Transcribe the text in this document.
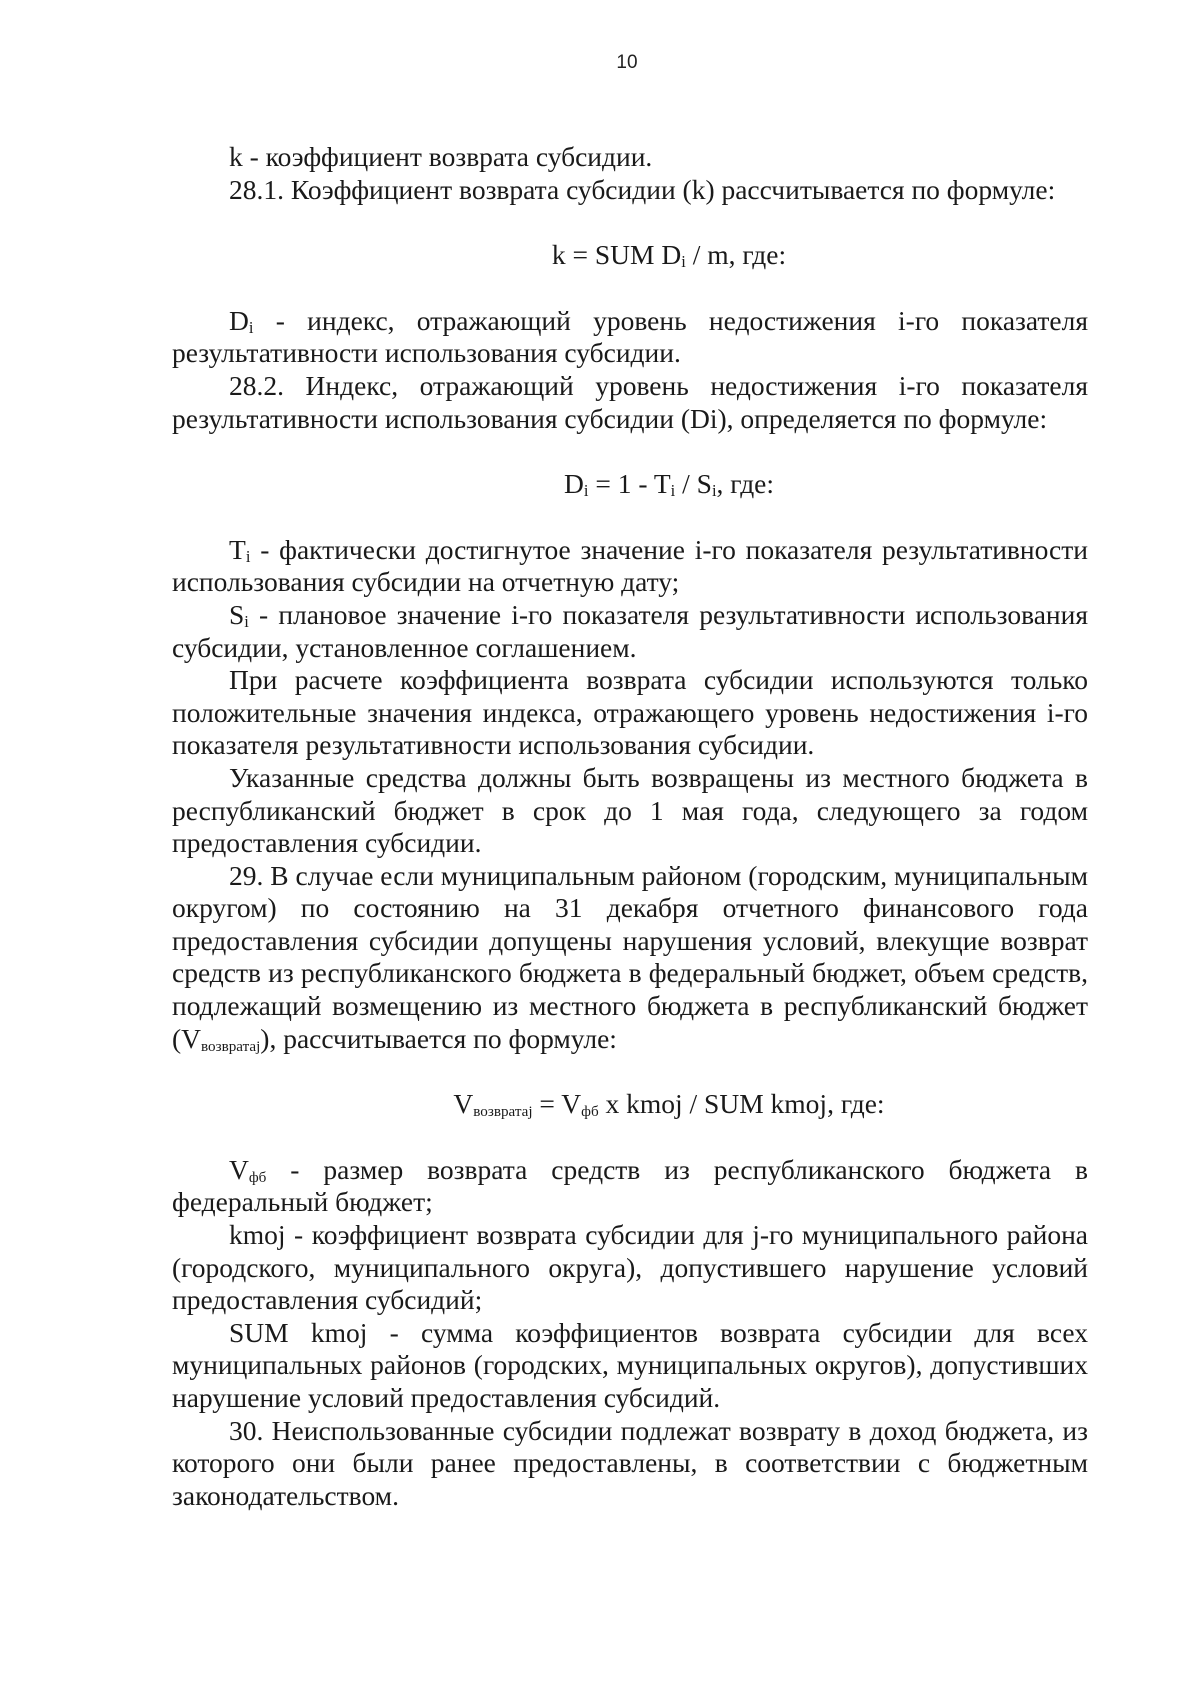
10

k - коэффициент возврата субсидии.

28.1. Коэффициент возврата субсидии (k) рассчитывается по формуле:

k = SUM Di / m, где:

Di - индекс, отражающий уровень недостижения i-го показателя результативности использования субсидии.

28.2. Индекс, отражающий уровень недостижения i-го показателя результативности использования субсидии (Di), определяется по формуле:

Di = 1 - Ti / Si, где:

Ti - фактически достигнутое значение i-го показателя результативности использования субсидии на отчетную дату;

Si - плановое значение i-го показателя результативности использования субсидии, установленное соглашением.

При расчете коэффициента возврата субсидии используются только положительные значения индекса, отражающего уровень недостижения i-го показателя результативности использования субсидии.

Указанные средства должны быть возвращены из местного бюджета в республиканский бюджет в срок до 1 мая года, следующего за годом предоставления субсидии.

29. В случае если муниципальным районом (городским, муниципальным округом) по состоянию на 31 декабря отчетного финансового года предоставления субсидии допущены нарушения условий, влекущие возврат средств из республиканского бюджета в федеральный бюджет, объем средств, подлежащий возмещению из местного бюджета в республиканский бюджет (Vвозвратаj), рассчитывается по формуле:

Vвозвратаj = Vфб x kmoj / SUM kmoj, где:

Vфб - размер возврата средств из республиканского бюджета в федеральный бюджет;

kmoj - коэффициент возврата субсидии для j-го муниципального района (городского, муниципального округа), допустившего нарушение условий предоставления субсидий;

SUM kmoj - сумма коэффициентов возврата субсидии для всех муниципальных районов (городских, муниципальных округов), допустивших нарушение условий предоставления субсидий.

30. Неиспользованные субсидии подлежат возврату в доход бюджета, из которого они были ранее предоставлены, в соответствии с бюджетным законодательством.
